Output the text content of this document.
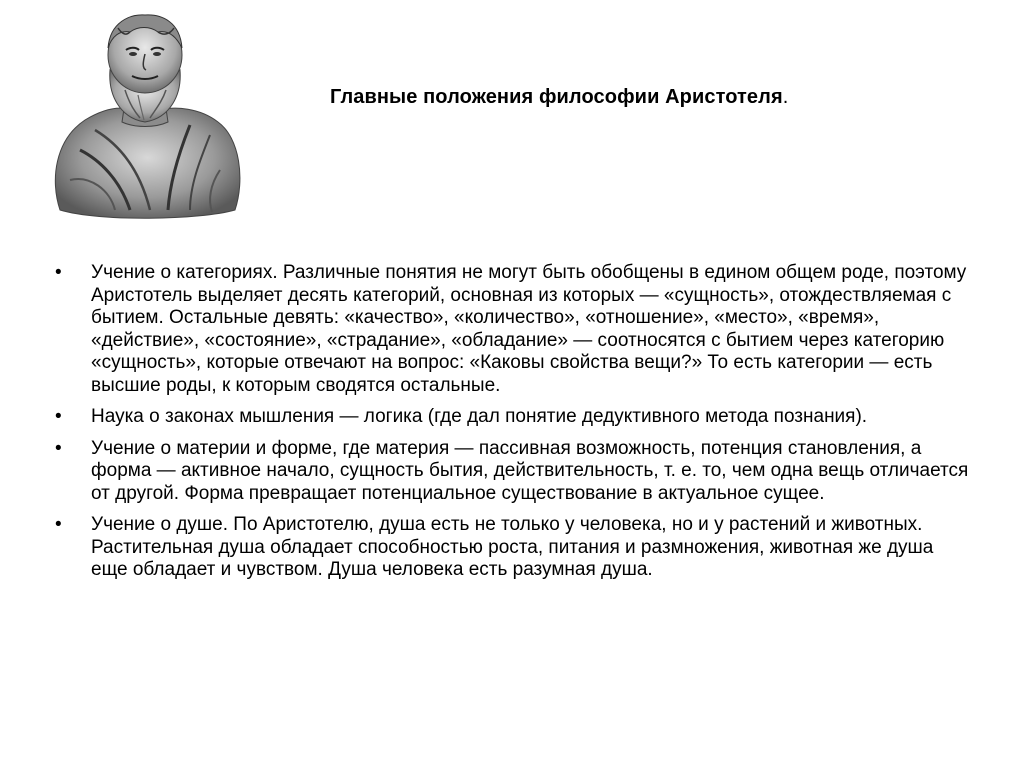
Главные положения философии Аристотеля.
•	Учение о категориях. Различные понятия не могут быть обобщены в едином общем роде, поэтому Аристотель выделяет десять категорий, основная из которых — «сущность», отождествляемая с бытием. Остальные девять: «качество», «количество», «отношение», «место», «время», «действие», «состояние», «страдание», «обладание» — соотносятся с бытием через категорию «сущность», которые отвечают на вопрос: «Каковы свойства вещи?» То есть категории — есть высшие роды, к которым сводятся остальные.
•	Наука о законах мышления — логика (где дал понятие дедуктивного метода познания).
•	Учение о материи и форме, где материя — пассивная возможность, потенция становления, а форма — активное начало, сущность бытия, действительность, т. е. то, чем одна вещь отличается от другой. Форма превращает потенциальное существование в актуальное сущее.
•	Учение о душе. По Аристотелю, душа есть не только у человека, но и у растений и животных. Растительная душа обладает способностью роста, питания и размножения, животная же душа еще обладает и чувством. Душа человека есть разумная душа.
